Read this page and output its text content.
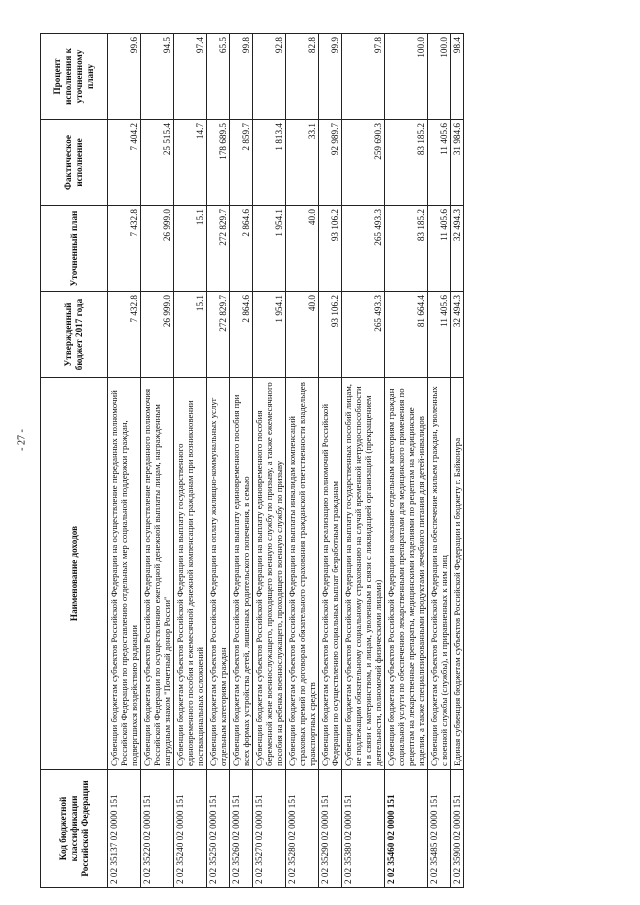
- 27 -
Код бюджетной классификации Российской Федерации	Наименование доходов	Утвержденный бюджет 2017 года	Уточненный план	Фактическое исполнение	Процент исполнения к уточненному плану
2 02 35137 02 0000 151	Субвенции бюджетам субъектов Российской Федерации на осуществление переданных полномочий Российской Федерации по предоставлению отдельных мер социальной поддержки граждан, подвергшихся воздействию радиации	7 432.8	7 432.8	7 404.2	99.6
2 02 35220 02 0000 151	Субвенции бюджетам субъектов Российской Федерации на осуществление переданного полномочия Российской Федерации по осуществлению ежегодной денежной выплаты лицам, награжденным нагрудным знаком "Почетный донор России"	26 999.0	26 999.0	25 515.4	94.5
2 02 35240 02 0000 151	Субвенции бюджетам субъектов Российской Федерации на выплату государственного единовременного пособия и ежемесячной денежной компенсации гражданам при возникновении поствакцинальных осложнений	15.1	15.1	14.7	97.4
2 02 35250 02 0000 151	Субвенции бюджетам субъектов Российской Федерации на оплату жилищно-коммунальных услуг отдельным категориям граждан	272 829.7	272 829.7	178 689.5	65.5
2 02 35260 02 0000 151	Субвенции бюджетам субъектов Российской Федерации на выплату единовременного пособия при всех формах устройства детей, лишенных родительского попечения, в семью	2 864.6	2 864.6	2 859.7	99.8
2 02 35270 02 0000 151	Субвенции бюджетам субъектов Российской Федерации на выплату единовременного пособия беременной жене военнослужащего, проходящего военную службу по призыву, а также ежемесячного пособия на ребенка военнослужащего, проходящего военную службу по призыву	1 954.1	1 954.1	1 813.4	92.8
2 02 35280 02 0000 151	Субвенции бюджетам субъектов Российской Федерации на выплаты инвалидам компенсаций страховых премий по договорам обязательного страхования гражданской ответственности владельцев транспортных средств	40.0	40.0	33.1	82.8
2 02 35290 02 0000 151	Субвенции бюджетам субъектов Российской Федерации на реализацию полномочий Российской Федерации по осуществлению социальных выплат безработным гражданам	93 106.2	93 106.2	92 989.7	99.9
2 02 35380 02 0000 151	Субвенции бюджетам субъектов Российской Федерации на выплату государственных пособий лицам, не подлежащим обязательному социальному страхованию на случай временной нетрудоспособности и в связи с материнством, и лицам, уволенным в связи с ликвидацией организаций (прекращением деятельности, полномочий физическими лицами)	265 493.3	265 493.3	259 690.3	97.8
2 02 35460 02 0000 151	Субвенции бюджетам субъектов Российской Федерации на оказание отдельным категориям граждан социальной услуги по обеспечению лекарственными препаратами для медицинского применения по рецептам на лекарственные препараты, медицинскими изделиями по рецептам на медицинские изделия, а также специализированными продуктами лечебного питания для детей-инвалидов	81 664.4	83 185.2	83 185.2	100.0
2 02 35485 02 0000 151	Субвенции бюджетам субъектов Российской Федерации на обеспечение жильем граждан, уволенных с военной службы (службы), и приравненных к ним лиц	11 405.6	11 405.6	11 405.6	100.0
2 02 35900 02 0000 151	Единая субвенция бюджетам субъектов Российской Федерации и бюджету г. Байконура	32 494.3	32 494.3	31 984.6	98.4
